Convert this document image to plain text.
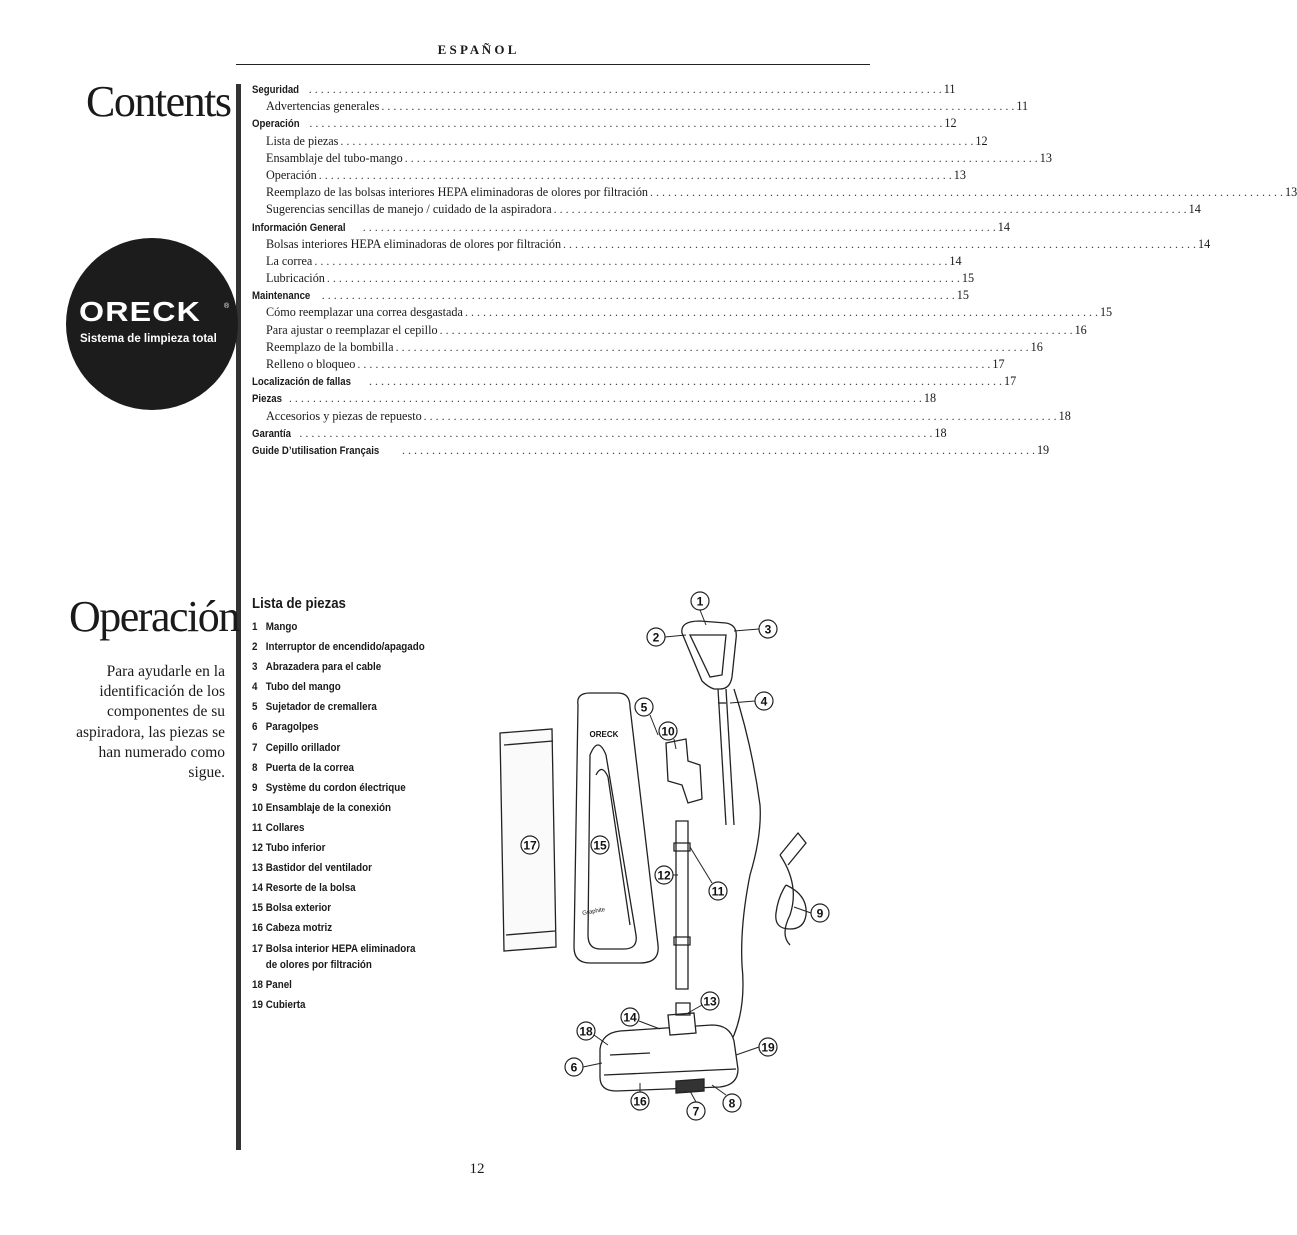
E S P A Ñ O L
Contents Seguridad . . .	11
Advertencias generales . . .	11
Operación . . .	12
Lista de piezas . . .	12
Ensamblaje del tubo-mango . . .	13
Operación . . .	13
Reemplazo de las bolsas interiores HEPA eliminadoras de olores por filtración . . .	13
Sugerencias sencillas de manejo / cuidado de la aspiradora . . .	14
Información General . . .	14
Bolsas interiores HEPA eliminadoras de olores por filtración . . .	14
La correa . . .	14
Lubricación . . .	15
Maintenance . . .	15
Cómo reemplazar una correa desgastada . . .	15
Para ajustar o reemplazar el cepillo . . .	16
Reemplazo de la bombilla . . .	16
Relleno o bloqueo . . .	17
Localización de fallas . . .	17
Piezas . . .	18
Accesorios y piezas de repuesto . . .	18
Garantía . . .	18
Guide D’utilisation Français . . .	19
ORECK	®
Sistema de limpieza total
Operación
Para ayudarle en la identificación de los componentes de su aspiradora, las piezas se han numerado como sigue.
Lista de piezas
1 Mango
2 Interruptor de encendido/apagado
3 Abrazadera para el cable
4 Tubo del mango
5 Sujetador de cremallera
6 Paragolpes
7 Cepillo orillador
8 Puerta de la correa
9 Système du cordon électrique
10 Ensamblaje de la conexión
11 Collares
12 Tubo inferior
13 Bastidor del ventilador
14 Resorte de la bolsa
15 Bolsa exterior
16 Cabeza motriz
17 Bolsa interior HEPA eliminadora
de olores por filtración
18 Panel
19 Cubierta
ORECK
Graphite
1
2
3
4
5
6
7
8
9
10
11
12
13
14
15
16
17
18
19
12
